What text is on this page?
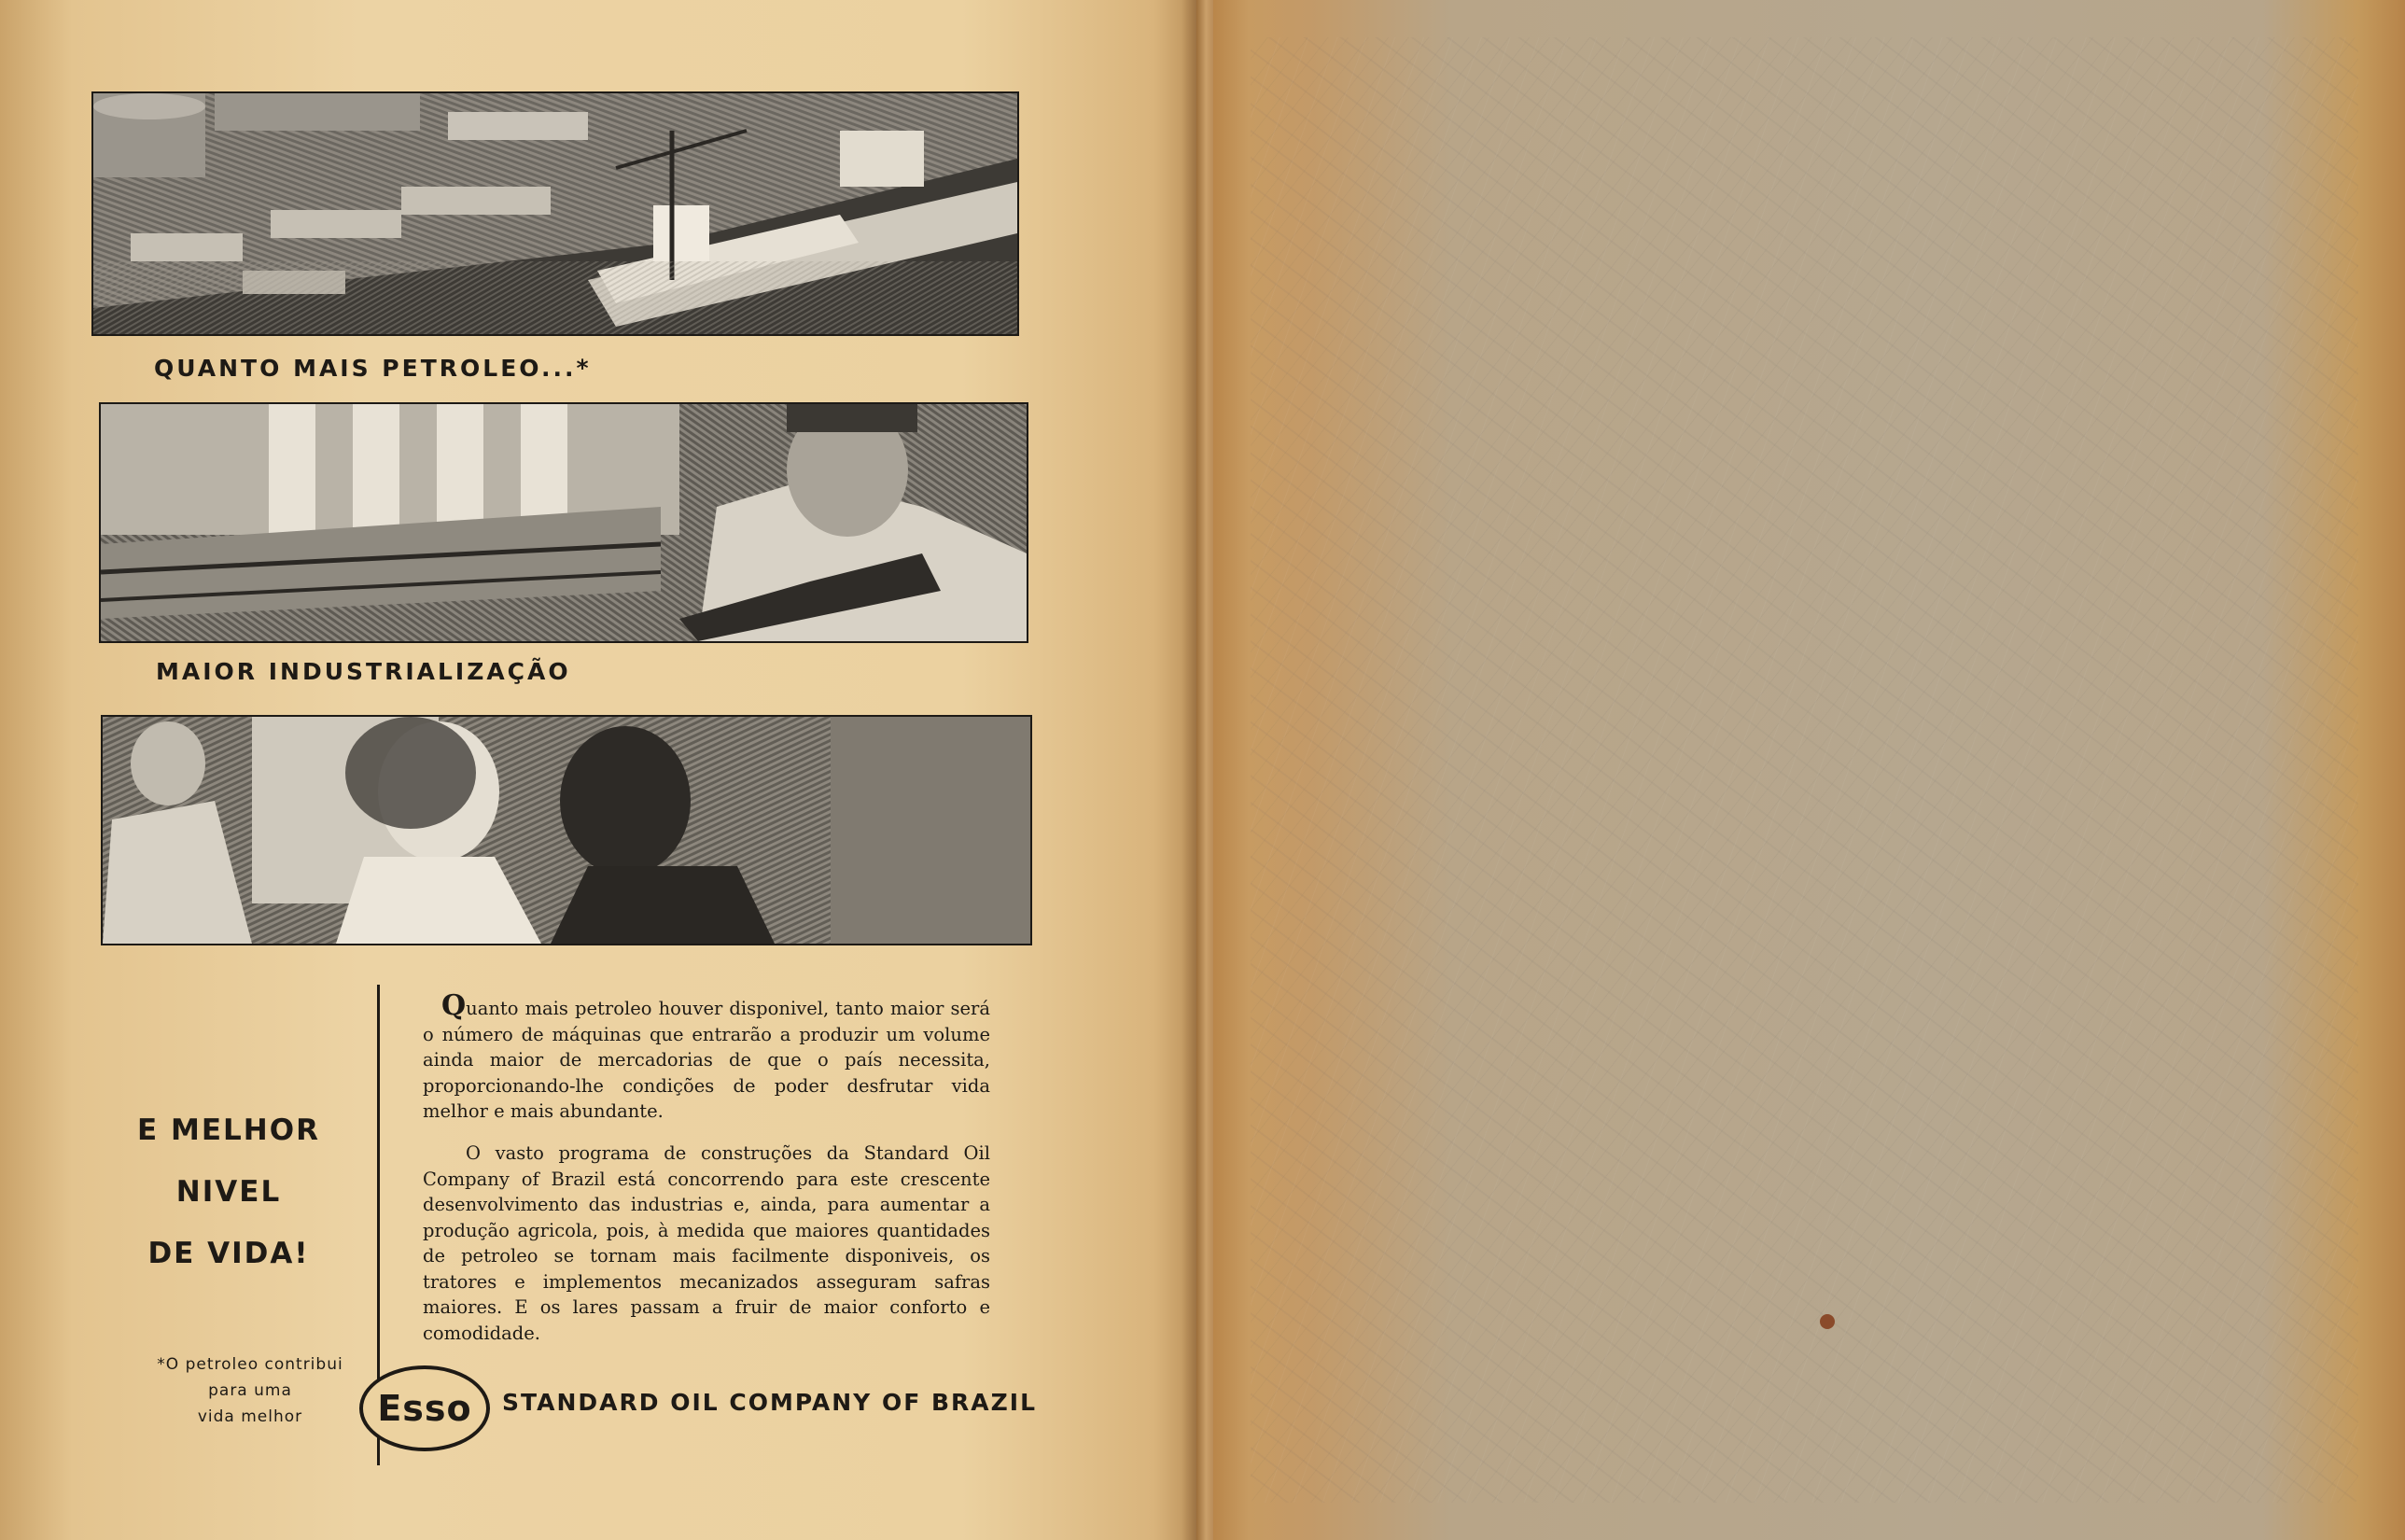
QUANTO MAIS PETROLEO...*

MAIOR INDUSTRIALIZAÇÃO

E MELHOR

NIVEL

DE VIDA!

*O petroleo contribui

para uma

vida melhor

Quanto mais petroleo houver disponivel, tanto maior será o número de máquinas que entrarão a produzir um volume ainda maior de mercadorias de que o país necessita, proporcionando-lhe condições de poder desfrutar vida melhor e mais abundante.

O vasto programa de construções da Standard Oil Company of Brazil está concorrendo para este crescente desenvolvimento das industrias e, ainda, para aumentar a produção agricola, pois, à medida que maiores quantidades de petroleo se tornam mais facilmente disponiveis, os tratores e implementos mecanizados asseguram safras maiores. E os lares passam a fruir de maior conforto e comodidade.

Esso STANDARD OIL COMPANY OF BRAZIL
